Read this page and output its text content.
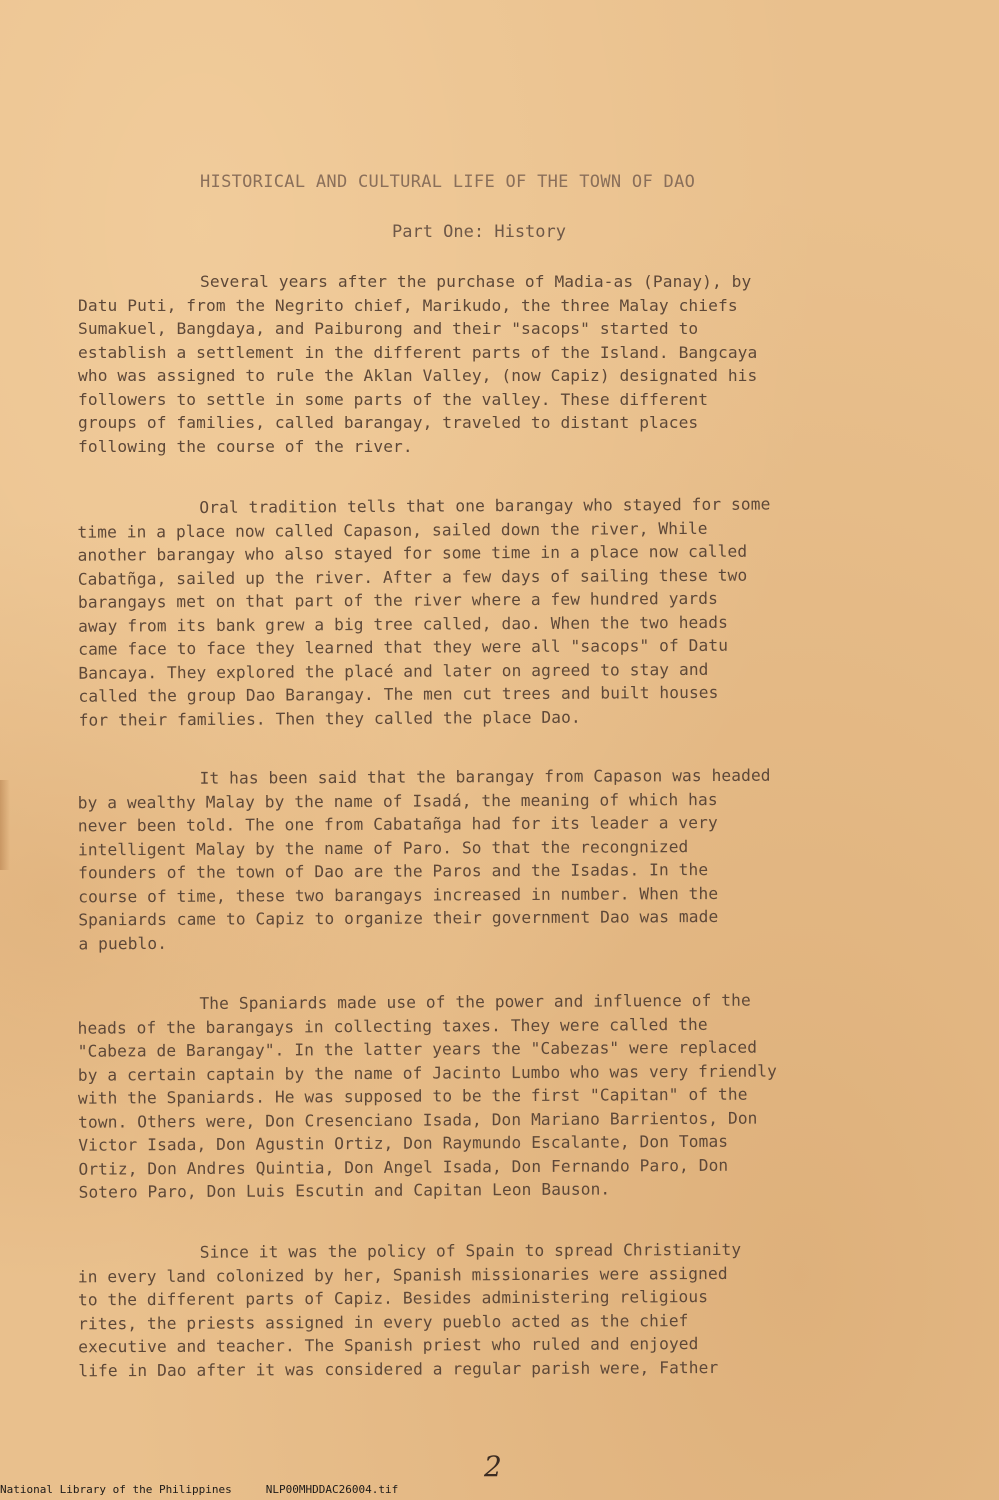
HISTORICAL AND CULTURAL LIFE OF THE TOWN OF DAO
Part One: History
Several years after the purchase of Madia-as (Panay), by
Datu Puti, from the Negrito chief, Marikudo, the three Malay chiefs
Sumakuel, Bangdaya, and Paiburong and their "sacops" started to
establish a settlement in the different parts of the Island. Bangcaya
who was assigned to rule the Aklan Valley, (now Capiz) designated his
followers to settle in some parts of the valley. These different
groups of families, called barangay, traveled to distant places
following the course of the river.
Oral tradition tells that one barangay who stayed for some
time in a place now called Capason, sailed down the river, While
another barangay who also stayed for some time in a place now called
Cabatñga, sailed up the river. After a few days of sailing these two
barangays met on that part of the river where a few hundred yards
away from its bank grew a big tree called, dao. When the two heads
came face to face they learned that they were all "sacops" of Datu
Bancaya. They explored the placé and later on agreed to stay and
called the group Dao Barangay. The men cut trees and built houses
for their families. Then they called the place Dao.
It has been said that the barangay from Capason was headed
by a wealthy Malay by the name of Isadá, the meaning of which has
never been told. The one from Cabatañga had for its leader a very
intelligent Malay by the name of Paro. So that the recongnized
founders of the town of Dao are the Paros and the Isadas. In the
course of time, these two barangays increased in number. When the
Spaniards came to Capiz to organize their government Dao was made
a pueblo.
The Spaniards made use of the power and influence of the
heads of the barangays in collecting taxes. They were called the
"Cabeza de Barangay". In the latter years the "Cabezas" were replaced
by a certain captain by the name of Jacinto Lumbo who was very friendly
with the Spaniards. He was supposed to be the first "Capitan" of the
town. Others were, Don Cresenciano Isada, Don Mariano Barrientos, Don
Victor Isada, Don Agustin Ortiz, Don Raymundo Escalante, Don Tomas
Ortiz, Don Andres Quintia, Don Angel Isada, Don Fernando Paro, Don
Sotero Paro, Don Luis Escutin and Capitan Leon Bauson.
Since it was the policy of Spain to spread Christianity
in every land colonized by her, Spanish missionaries were assigned
to the different parts of Capiz. Besides administering religious
rites, the priests assigned in every pueblo acted as the chief
executive and teacher. The Spanish priest who ruled and enjoyed
life in Dao after it was considered a regular parish were, Father
2
National Library of the Philippines	NLP00MHDDAC26004.tif
